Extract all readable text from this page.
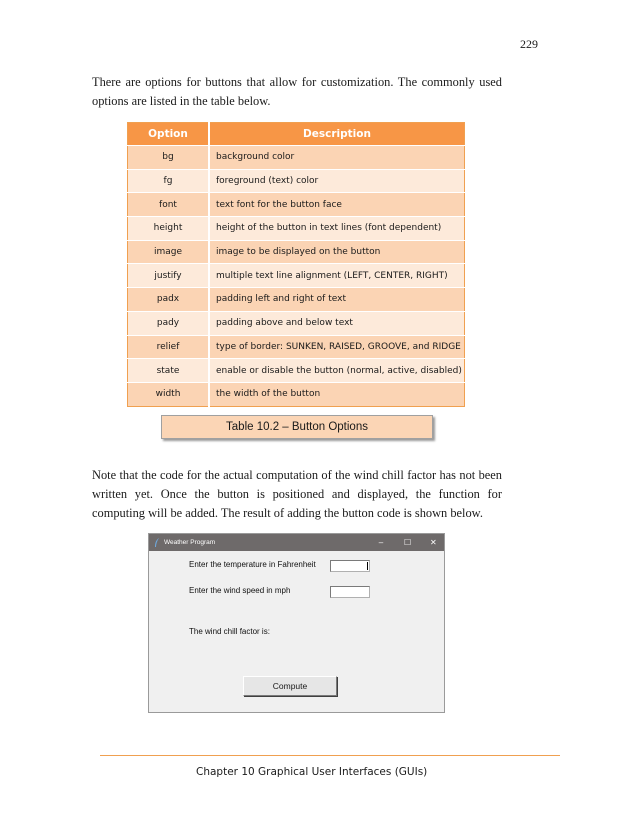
229

There are options for buttons that allow for customization. The commonly used options are listed in the table below.

Option	Description
bg	background color
fg	foreground (text) color
font	text font for the button face
height	height of the button in text lines (font dependent)
image	image to be displayed on the button
justify	multiple text line alignment (LEFT, CENTER, RIGHT)
padx	padding left and right of text
pady	padding above and below text
relief	type of border: SUNKEN, RAISED, GROOVE, and RIDGE
state	enable or disable the button (normal, active, disabled)
width	the width of the button
Table 10.2 – Button Options

Note that the code for the actual computation of the wind chill factor has not been written yet. Once the button is positioned and displayed, the function for computing will be added. The result of adding the button code is shown below.

Weather Program	–	☐ ✕
Enter the temperature in Fahrenheit
Enter the wind speed in mph
The wind chill factor is:
Compute
Chapter 10 Graphical User Interfaces (GUIs)
